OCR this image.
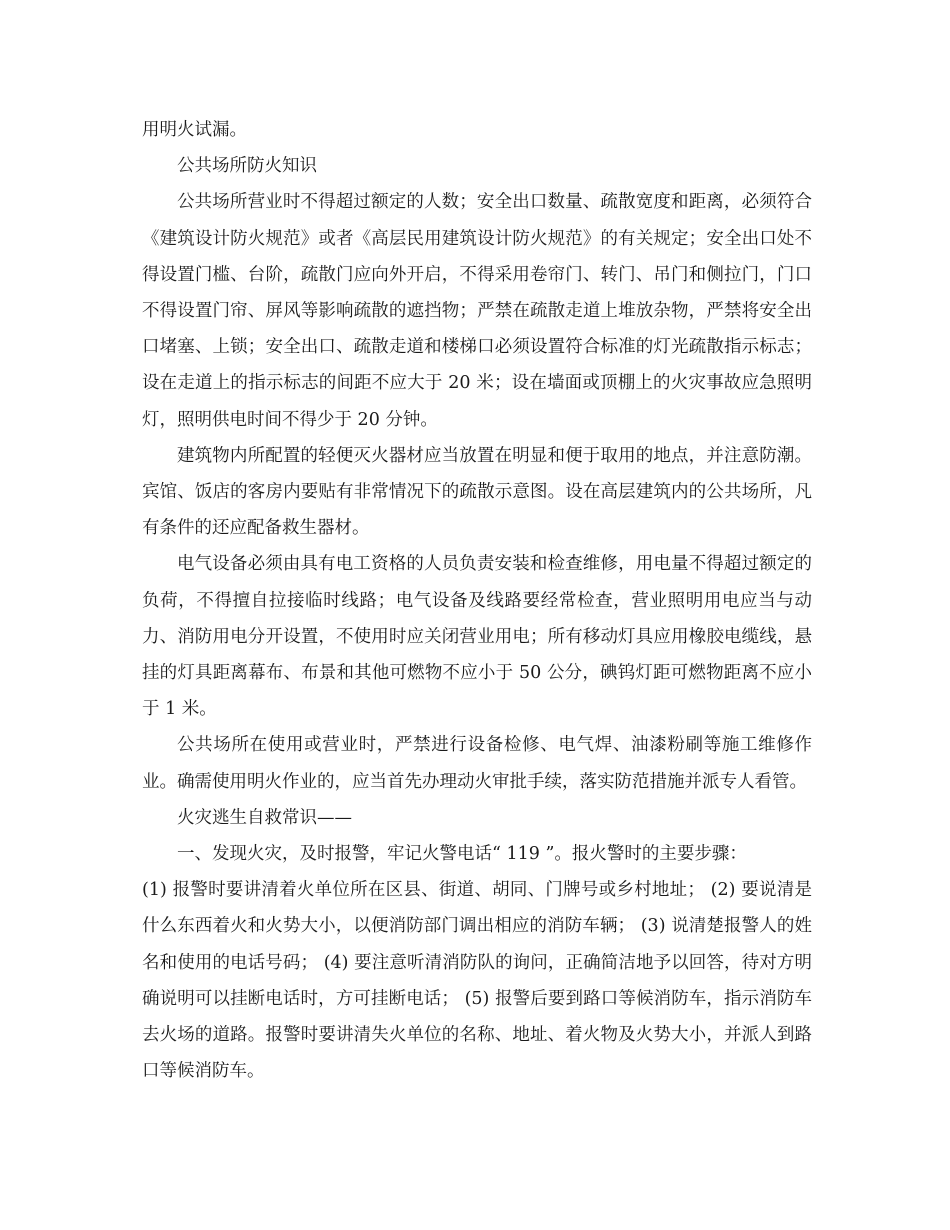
用明火试漏。

公共场所防火知识

公共场所营业时不得超过额定的人数；安全出口数量、疏散宽度和距离，必须符合《建筑设计防火规范》或者《高层民用建筑设计防火规范》的有关规定；安全出口处不得设置门槛、台阶，疏散门应向外开启，不得采用卷帘门、转门、吊门和侧拉门，门口不得设置门帘、屏风等影响疏散的遮挡物；严禁在疏散走道上堆放杂物，严禁将安全出口堵塞、上锁；安全出口、疏散走道和楼梯口必须设置符合标准的灯光疏散指示标志；设在走道上的指示标志的间距不应大于 20 米；设在墙面或顶棚上的火灾事故应急照明灯，照明供电时间不得少于 20 分钟。

建筑物内所配置的轻便灭火器材应当放置在明显和便于取用的地点，并注意防潮。宾馆、饭店的客房内要贴有非常情况下的疏散示意图。设在高层建筑内的公共场所，凡有条件的还应配备救生器材。

电气设备必须由具有电工资格的人员负责安装和检查维修，用电量不得超过额定的负荷，不得擅自拉接临时线路；电气设备及线路要经常检查，营业照明用电应当与动力、消防用电分开设置，不使用时应关闭营业用电；所有移动灯具应用橡胶电缆线，悬挂的灯具距离幕布、布景和其他可燃物不应小于 50 公分，碘钨灯距可燃物距离不应小于 1 米。

公共场所在使用或营业时，严禁进行设备检修、电气焊、油漆粉刷等施工维修作业。确需使用明火作业的，应当首先办理动火审批手续，落实防范措施并派专人看管。

火灾逃生自救常识——

一、发现火灾，及时报警，牢记火警电话“ 119 ”。报火警时的主要步骤：

(1) 报警时要讲清着火单位所在区县、街道、胡同、门牌号或乡村地址； (2) 要说清是什么东西着火和火势大小，以便消防部门调出相应的消防车辆； (3) 说清楚报警人的姓名和使用的电话号码； (4) 要注意听清消防队的询问，正确简洁地予以回答，待对方明确说明可以挂断电话时，方可挂断电话； (5) 报警后要到路口等候消防车，指示消防车去火场的道路。报警时要讲清失火单位的名称、地址、着火物及火势大小，并派人到路口等候消防车。
